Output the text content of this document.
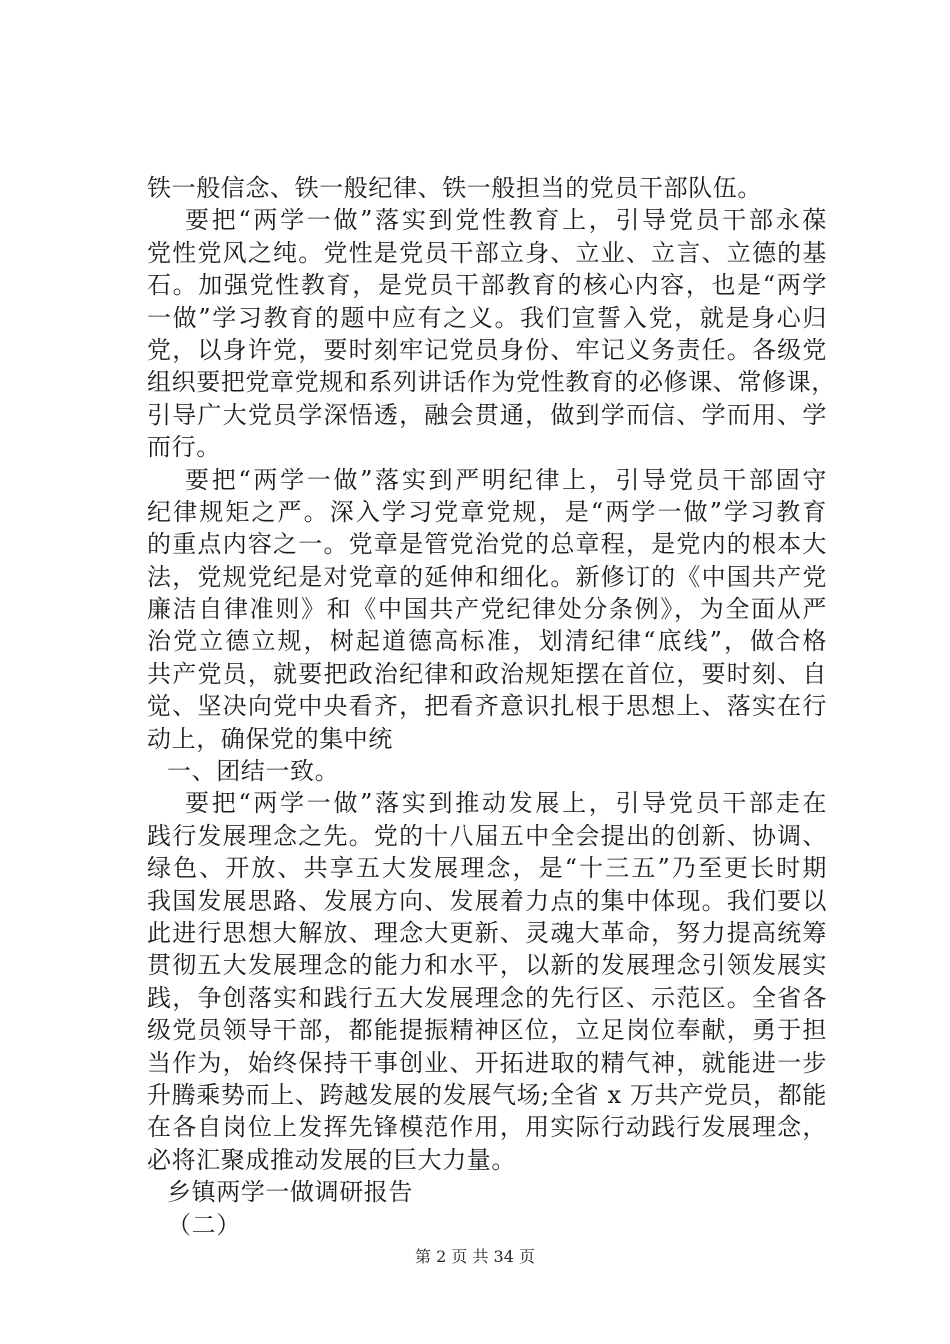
铁一般信念、铁一般纪律、铁一般担当的党员干部队伍。
要把“两学一做”落实到党性教育上，引导党员干部永葆
党性党风之纯。党性是党员干部立身、立业、立言、立德的基
石。加强党性教育，是党员干部教育的核心内容，也是“两学
一做”学习教育的题中应有之义。我们宣誓入党，就是身心归
党，以身许党，要时刻牢记党员身份、牢记义务责任。各级党
组织要把党章党规和系列讲话作为党性教育的必修课、常修课，
引导广大党员学深悟透，融会贯通，做到学而信、学而用、学
而行。
要把“两学一做”落实到严明纪律上，引导党员干部固守
纪律规矩之严。深入学习党章党规，是“两学一做”学习教育
的重点内容之一。党章是管党治党的总章程，是党内的根本大
法，党规党纪是对党章的延伸和细化。新修订的《中国共产党
廉洁自律准则》和《中国共产党纪律处分条例》，为全面从严
治党立德立规，树起道德高标准，划清纪律“底线”，做合格
共产党员，就要把政治纪律和政治规矩摆在首位，要时刻、自
觉、坚决向党中央看齐，把看齐意识扎根于思想上、落实在行
动上，确保党的集中统
一、团结一致。
要把“两学一做”落实到推动发展上，引导党员干部走在
践行发展理念之先。党的十八届五中全会提出的创新、协调、
绿色、开放、共享五大发展理念，是“十三五”乃至更长时期
我国发展思路、发展方向、发展着力点的集中体现。我们要以
此进行思想大解放、理念大更新、灵魂大革命，努力提高统筹
贯彻五大发展理念的能力和水平，以新的发展理念引领发展实
践，争创落实和践行五大发展理念的先行区、示范区。全省各
级党员领导干部，都能提振精神区位，立足岗位奉献，勇于担
当作为，始终保持干事创业、开拓进取的精气神，就能进一步
升腾乘势而上、跨越发展的发展气场;全省 x 万共产党员，都能
在各自岗位上发挥先锋模范作用，用实际行动践行发展理念，
必将汇聚成推动发展的巨大力量。
乡镇两学一做调研报告
（二）
第 2 页 共 34 页
